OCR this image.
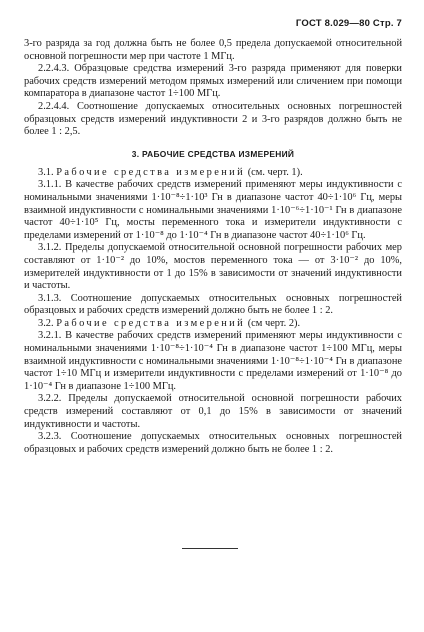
ГОСТ 8.029—80 Стр. 7

3-го разряда за год должна быть не более 0,5 предела допускаемой относительной основной погрешности мер при частоте 1 МГц.

2.2.4.3. Образцовые средства измерений 3-го разряда применяют для поверки рабочих средств измерений методом прямых измерений или сличением при помощи компаратора в диапазоне частот 1÷100 МГц.

2.2.4.4. Соотношение допускаемых относительных основных погрешностей образцовых средств измерений индуктивности 2 и 3-го разрядов должно быть не более 1 : 2,5.

3. РАБОЧИЕ СРЕДСТВА ИЗМЕРЕНИЙ

3.1. Рабочие средства измерений (см. черт. 1).

3.1.1. В качестве рабочих средств измерений применяют меры индуктивности с номинальными значениями 1·10⁻⁸÷1·10³ Гн в диапазоне частот 40÷1·10⁶ Гц, меры взаимной индуктивности с номинальными значениями 1·10⁻⁶÷1·10⁻¹ Гн в диапазоне частот 40÷1·10⁵ Гц, мосты переменного тока и измерители индуктивности с пределами измерений от 1·10⁻⁸ до 1·10⁻⁴ Гн в диапазоне частот 40÷1·10⁶ Гц.

3.1.2. Пределы допускаемой относительной основной погрешности рабочих мер составляют от 1·10⁻² до 10%, мостов переменного тока — от 3·10⁻² до 10%, измерителей индуктивности от 1 до 15% в зависимости от значений индуктивности и частоты.

3.1.3. Соотношение допускаемых относительных основных погрешностей образцовых и рабочих средств измерений должно быть не более 1 : 2.

3.2. Рабочие средства измерений (см черт. 2).

3.2.1. В качестве рабочих средств измерений применяют меры индуктивности с номинальными значениями 1·10⁻⁸÷1·10⁻⁴ Гн в диапазоне частот 1÷100 МГц, меры взаимной индуктивности с номинальными значениями 1·10⁻⁸÷1·10⁻⁴ Гн в диапазоне частот 1÷10 МГц и измерители индуктивности с пределами измерений от 1·10⁻⁸ до 1·10⁻⁴ Гн в диапазоне 1÷100 МГц.

3.2.2. Пределы допускаемой относительной основной погрешности рабочих средств измерений составляют от 0,1 до 15% в зависимости от значений индуктивности и частоты.

3.2.3. Соотношение допускаемых относительных основных погрешностей образцовых и рабочих средств измерений должно быть не более 1 : 2.
